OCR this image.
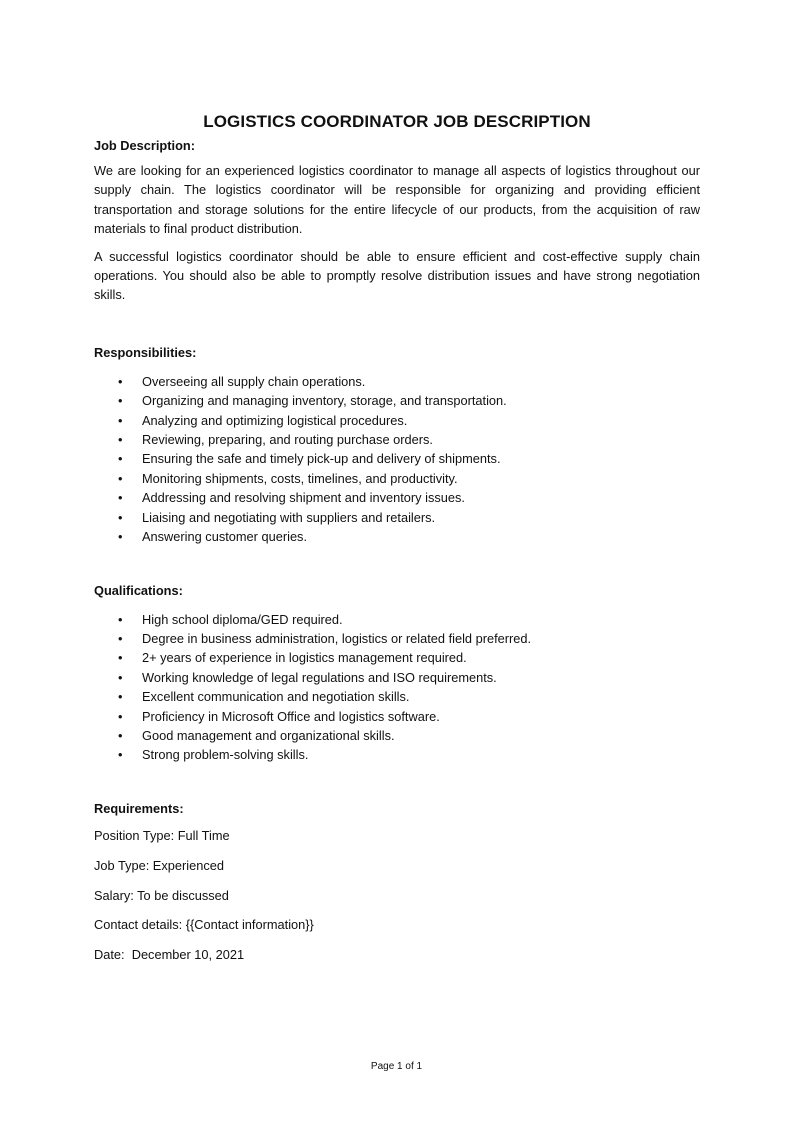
LOGISTICS COORDINATOR JOB DESCRIPTION
Job Description:

We are looking for an experienced logistics coordinator to manage all aspects of logistics throughout our supply chain. The logistics coordinator will be responsible for organizing and providing efficient transportation and storage solutions for the entire lifecycle of our products, from the acquisition of raw materials to final product distribution.

A successful logistics coordinator should be able to ensure efficient and cost-effective supply chain operations. You should also be able to promptly resolve distribution issues and have strong negotiation skills.

Responsibilities:
• Overseeing all supply chain operations.
• Organizing and managing inventory, storage, and transportation.
• Analyzing and optimizing logistical procedures.
• Reviewing, preparing, and routing purchase orders.
• Ensuring the safe and timely pick-up and delivery of shipments.
• Monitoring shipments, costs, timelines, and productivity.
• Addressing and resolving shipment and inventory issues.
• Liaising and negotiating with suppliers and retailers.
• Answering customer queries.
Qualifications:
• High school diploma/GED required.
• Degree in business administration, logistics or related field preferred.
• 2+ years of experience in logistics management required.
• Working knowledge of legal regulations and ISO requirements.
• Excellent communication and negotiation skills.
• Proficiency in Microsoft Office and logistics software.
• Good management and organizational skills.
• Strong problem-solving skills.
Requirements:

Position Type: Full Time

Job Type: Experienced

Salary: To be discussed

Contact details: {{Contact information}}

Date:  December 10, 2021

Page 1 of 1
